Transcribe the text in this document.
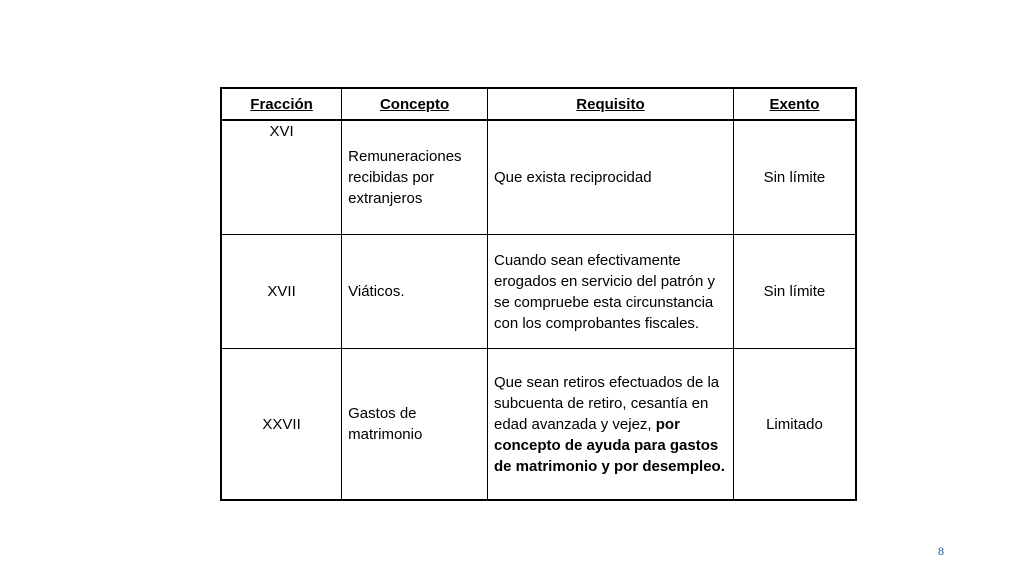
Fracción	Concepto	Requisito	Exento
XVI	Remuneraciones recibidas por extranjeros	Que exista reciprocidad	Sin límite
XVII	Viáticos.	Cuando sean efectivamente erogados en servicio del patrón y se compruebe esta circunstancia con los comprobantes fiscales.	Sin límite
XXVII	Gastos de matrimonio	Que sean retiros efectuados de la subcuenta de retiro, cesantía en edad avanzada y vejez, por concepto de ayuda para gastos de matrimonio y por desempleo.	Limitado
8
